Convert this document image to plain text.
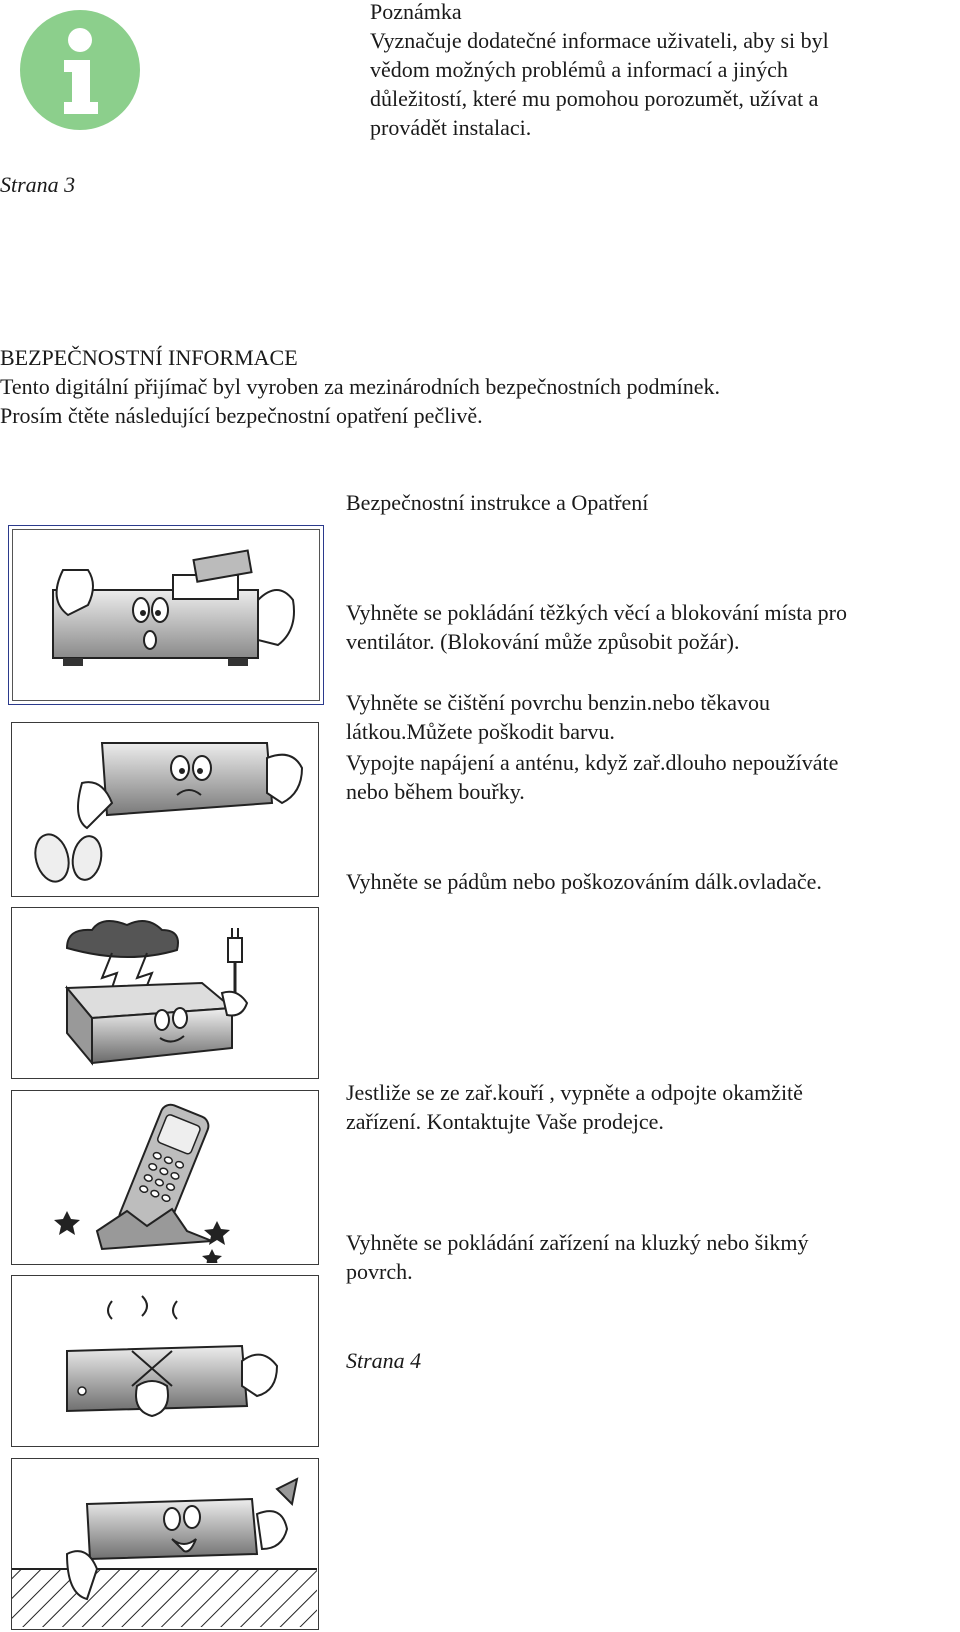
Poznámka
Vyznačuje dodatečné informace uživateli, aby si byl
vědom možných problémů a informací a jiných
důležitostí, které mu pomohou porozumět, užívat a
provádět instalaci.
Strana 3
BEZPEČNOSTNÍ INFORMACE
Tento digitální přijímač byl vyroben za mezinárodních bezpečnostních podmínek.
Prosím čtěte následující bezpečnostní opatření pečlivě.
Bezpečnostní instrukce a Opatření
Vyhněte se pokládání těžkých věcí a blokování místa pro
ventilátor. (Blokování může způsobit požár).
Vyhněte se čištění povrchu benzin.nebo těkavou
látkou.Můžete poškodit barvu.
Vypojte napájení a anténu, když zař.dlouho nepoužíváte
nebo během bouřky.
Vyhněte se pádům nebo poškozováním dálk.ovladače.
Jestliže se ze zař.kouří , vypněte a odpojte okamžitě
zařízení. Kontaktujte Vaše prodejce.
Vyhněte se pokládání zařízení na kluzký nebo šikmý
povrch.
Strana 4
